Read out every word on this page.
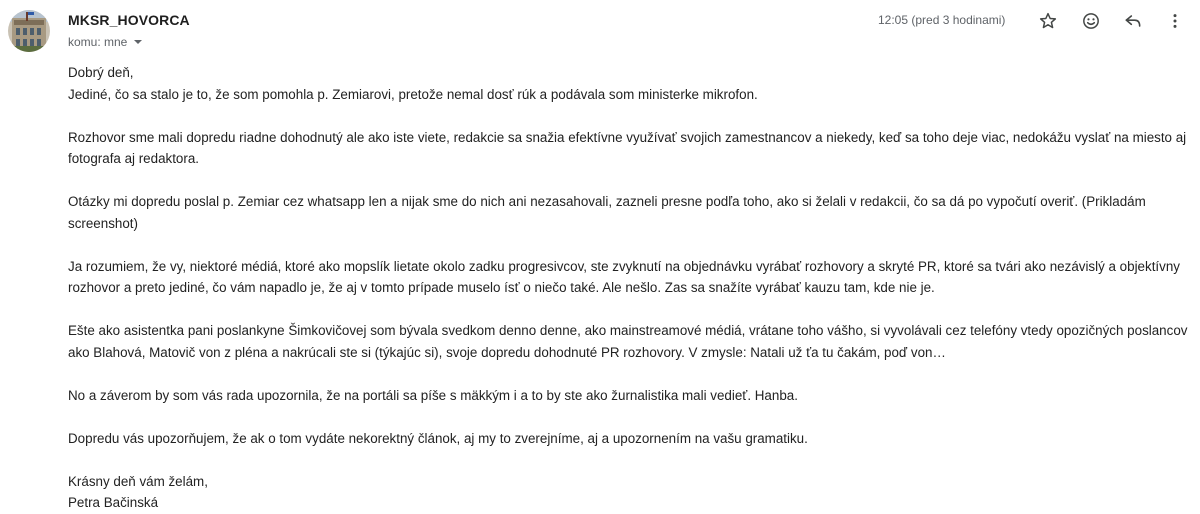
MKSR_HOVORCA
komu: mne
12:05 (pred 3 hodinami)

Dobrý deň,

Jediné, čo sa stalo je to, že som pomohla p. Zemiarovi, pretože nemal dosť rúk a podávala som ministerke mikrofon.

Rozhovor sme mali dopredu riadne dohodnutý ale ako iste viete, redakcie sa snažia efektívne využívať svojich zamestnancov a niekedy, keď sa toho deje viac, nedokážu vyslať na miesto aj fotografa aj redaktora.

Otázky mi dopredu poslal p. Zemiar cez whatsapp len a nijak sme do nich ani nezasahovali, zazneli presne podľa toho, ako si želali v redakcii, čo sa dá po vypočutí overiť. (Prikladám screenshot)

Ja rozumiem, že vy, niektoré médiá, ktoré ako mopslík lietate okolo zadku progresivcov, ste zvyknutí na objednávku vyrábať rozhovory a skryté PR, ktoré sa tvári ako nezávislý a objektívny rozhovor a preto jediné, čo vám napadlo je, že aj v tomto prípade muselo ísť o niečo také. Ale nešlo. Zas sa snažíte vyrábať kauzu tam, kde nie je.

Ešte ako asistentka pani poslankyne Šimkovičovej som bývala svedkom denno denne, ako mainstreamové médiá, vrátane toho vášho, si vyvolávali cez telefóny vtedy opozičných poslancov ako Blahová, Matovič von z pléna a nakrúcali ste si (týkajúc si), svoje dopredu dohodnuté PR rozhovory. V zmysle: Natali už ťa tu čakám, poď von…

No a záverom by som vás rada upozornila, že na portáli sa píše s mäkkým i a to by ste ako žurnalistika mali vedieť. Hanba.

Dopredu vás upozorňujem, že ak o tom vydáte nekorektný článok, aj my to zverejníme, aj a upozornením na vašu gramatiku.

Krásny deň vám želám,

Petra Bačinská
